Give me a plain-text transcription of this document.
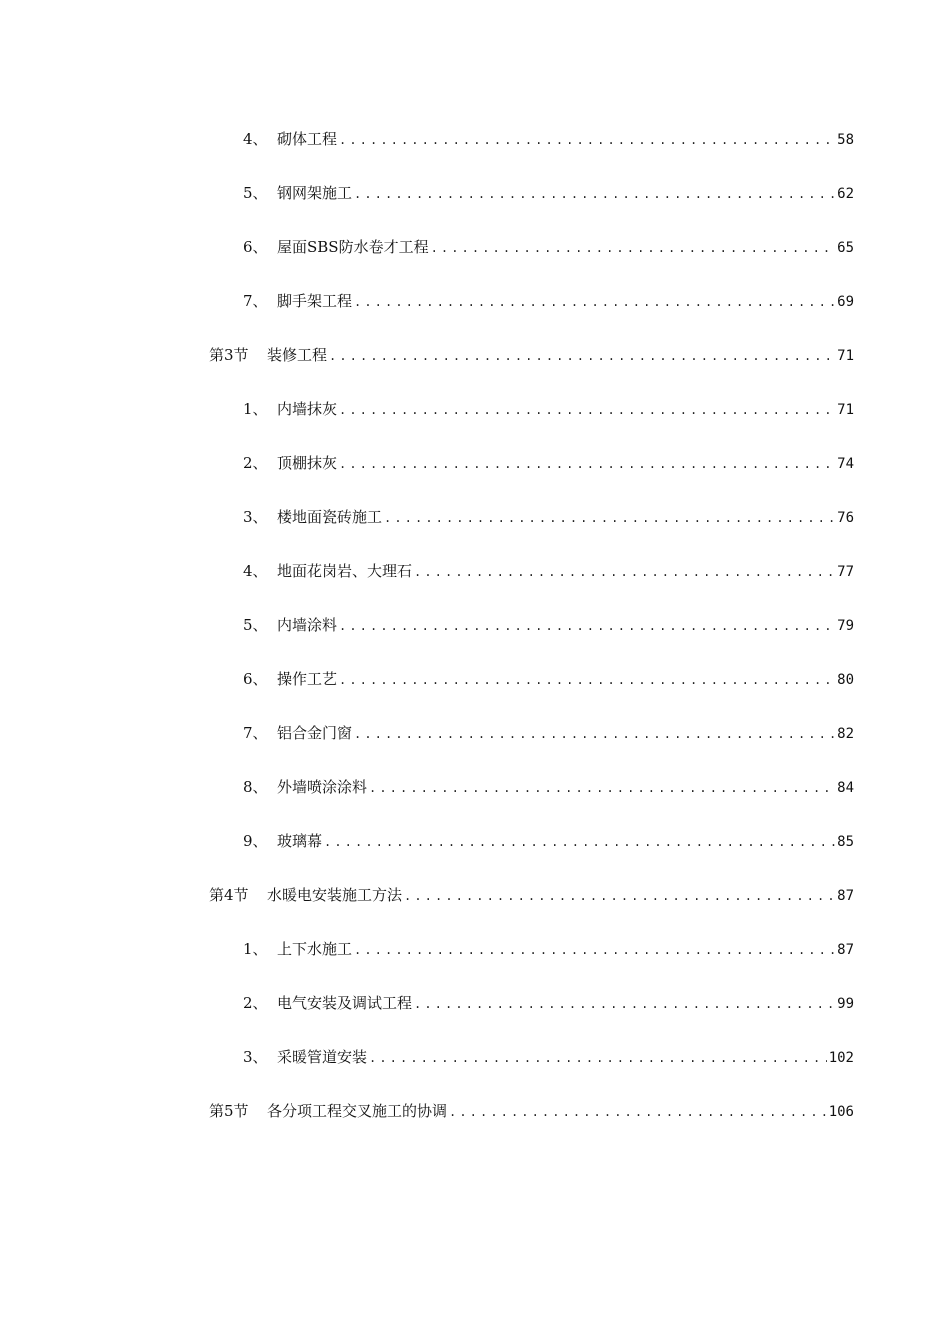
4、 砌体工程 .....	58
5、 钢网架施工 .....	62
6、 屋面SBS防水卷才工程 .....	65
7、 脚手架工程 .....	69
第3节	装修工程 .....	71
1、 内墙抹灰 .....	71
2、 顶棚抹灰 .....	74
3、 楼地面瓷砖施工 .....	76
4、 地面花岗岩、大理石 .....	77
5、 内墙涂料 .....	79
6、 操作工艺 .....	80
7、 铝合金门窗 .....	82
8、 外墙喷涂涂料 .....	84
9、 玻璃幕 .....	85
第4节	水暖电安装施工方法 .....	87
1、 上下水施工 .....	87
2、 电气安装及调试工程 .....	99
3、 采暖管道安装 .....	102
第5节	各分项工程交叉施工的协调 .....	106
